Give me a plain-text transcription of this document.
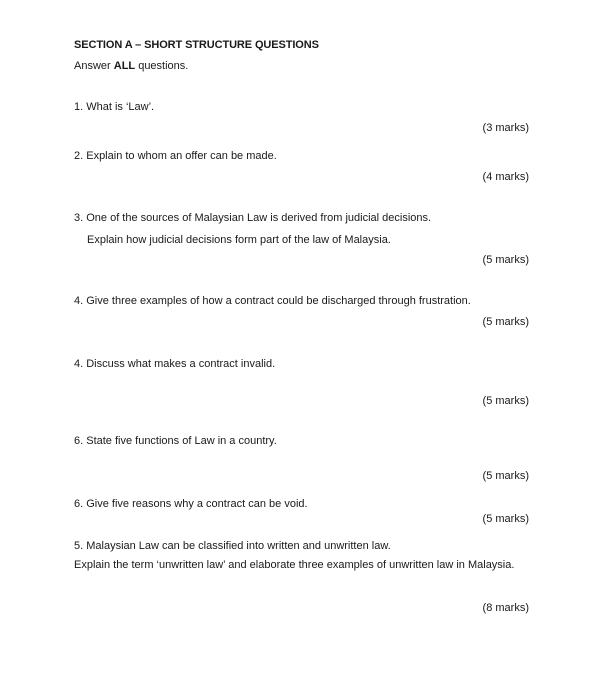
SECTION A – SHORT STRUCTURE QUESTIONS
Answer ALL questions.
1. What is ‘Law’.
(3 marks)
2. Explain to whom an offer can be made.
(4 marks)
3. One of the sources of Malaysian Law is derived from judicial decisions.
Explain how judicial decisions form part of the law of Malaysia.
(5 marks)
4. Give three examples of how a contract could be discharged through frustration.
(5 marks)
4. Discuss what makes a contract invalid.
(5 marks)
6. State five functions of Law in a country.
(5 marks)
6. Give five reasons why a contract can be void.
(5 marks)
5. Malaysian Law can be classified into written and unwritten law.
Explain the term ‘unwritten law’ and elaborate three examples of unwritten law in Malaysia.
(8 marks)
